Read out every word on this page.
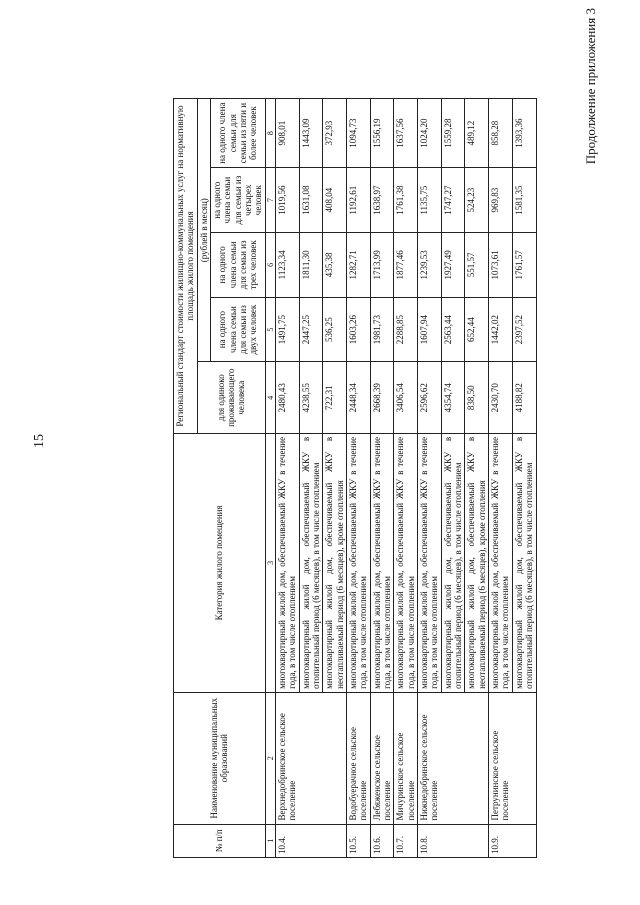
15
Продолжение приложения 3
№ п/п	Наименование муниципальных образований	Категория жилого помещения	Региональный стандарт стоимости жилищно-коммунальных услуг на нормативную площадь жилого помещения				
			для одиноко проживающего человека	(рублей в месяц)			
				на одного члена семьи для семьи из двух человек	на одного члена семьи для семьи из трех человек	на одного члена семьи для семьи из четырех человек	на одного члена семьи для семьи из пяти и более человек
1	2	3	4	5	6	7	8
10.4.	Верхнедобринское сельское поселение	многоквартирный жилой дом, обеспечиваемый ЖКУ в течение года, в том числе отоплением	2480,43	1491,75	1123,34	1019,56	908,01
		многоквартирный жилой дом, обеспечиваемый ЖКУ в отопительный период (6 месяцев), в том числе отоплением	4238,55	2447,25	1811,30	1631,08	1443,09
		многоквартирный жилой дом, обеспечиваемый ЖКУ в неотапливаемый период (6 месяцев), кроме отопления	722,31	536,25	435,38	408,04	372,93
10.5.	Водобуерачное сельское поселение	многоквартирный жилой дом, обеспечиваемый ЖКУ в течение года, в том числе отоплением	2448,34	1603,26	1282,71	1192,61	1094,73
10.6.	Лебяженское сельское поселение	многоквартирный жилой дом, обеспечиваемый ЖКУ в течение года, в том числе отоплением	2668,39	1981,73	1713,99	1638,97	1556,19
10.7.	Мичуринское сельское поселение	многоквартирный жилой дом, обеспечиваемый ЖКУ в течение года, в том числе отоплением	3406,54	2288,85	1877,46	1761,38	1637,56
10.8.	Нижнедобринское сельское поселение	многоквартирный жилой дом, обеспечиваемый ЖКУ в течение года, в том числе отоплением	2596,62	1607,94	1239,53	1135,75	1024,20
		многоквартирный жилой дом, обеспечиваемый ЖКУ в отопительный период (6 месяцев), в том числе отоплением	4354,74	2563,44	1927,49	1747,27	1559,28
		многоквартирный жилой дом, обеспечиваемый ЖКУ в неотапливаемый период (6 месяцев), кроме отопления	838,50	652,44	551,57	524,23	489,12
10.9.	Петрунинское сельское поселение	многоквартирный жилой дом, обеспечиваемый ЖКУ в течение года, в том числе отоплением	2430,70	1442,02	1073,61	969,83	858,28
		многоквартирный жилой дом, обеспечиваемый ЖКУ в отопительный период (6 месяцев), в том числе отоплением	4188,82	2397,52	1761,57	1581,35	1393,36
